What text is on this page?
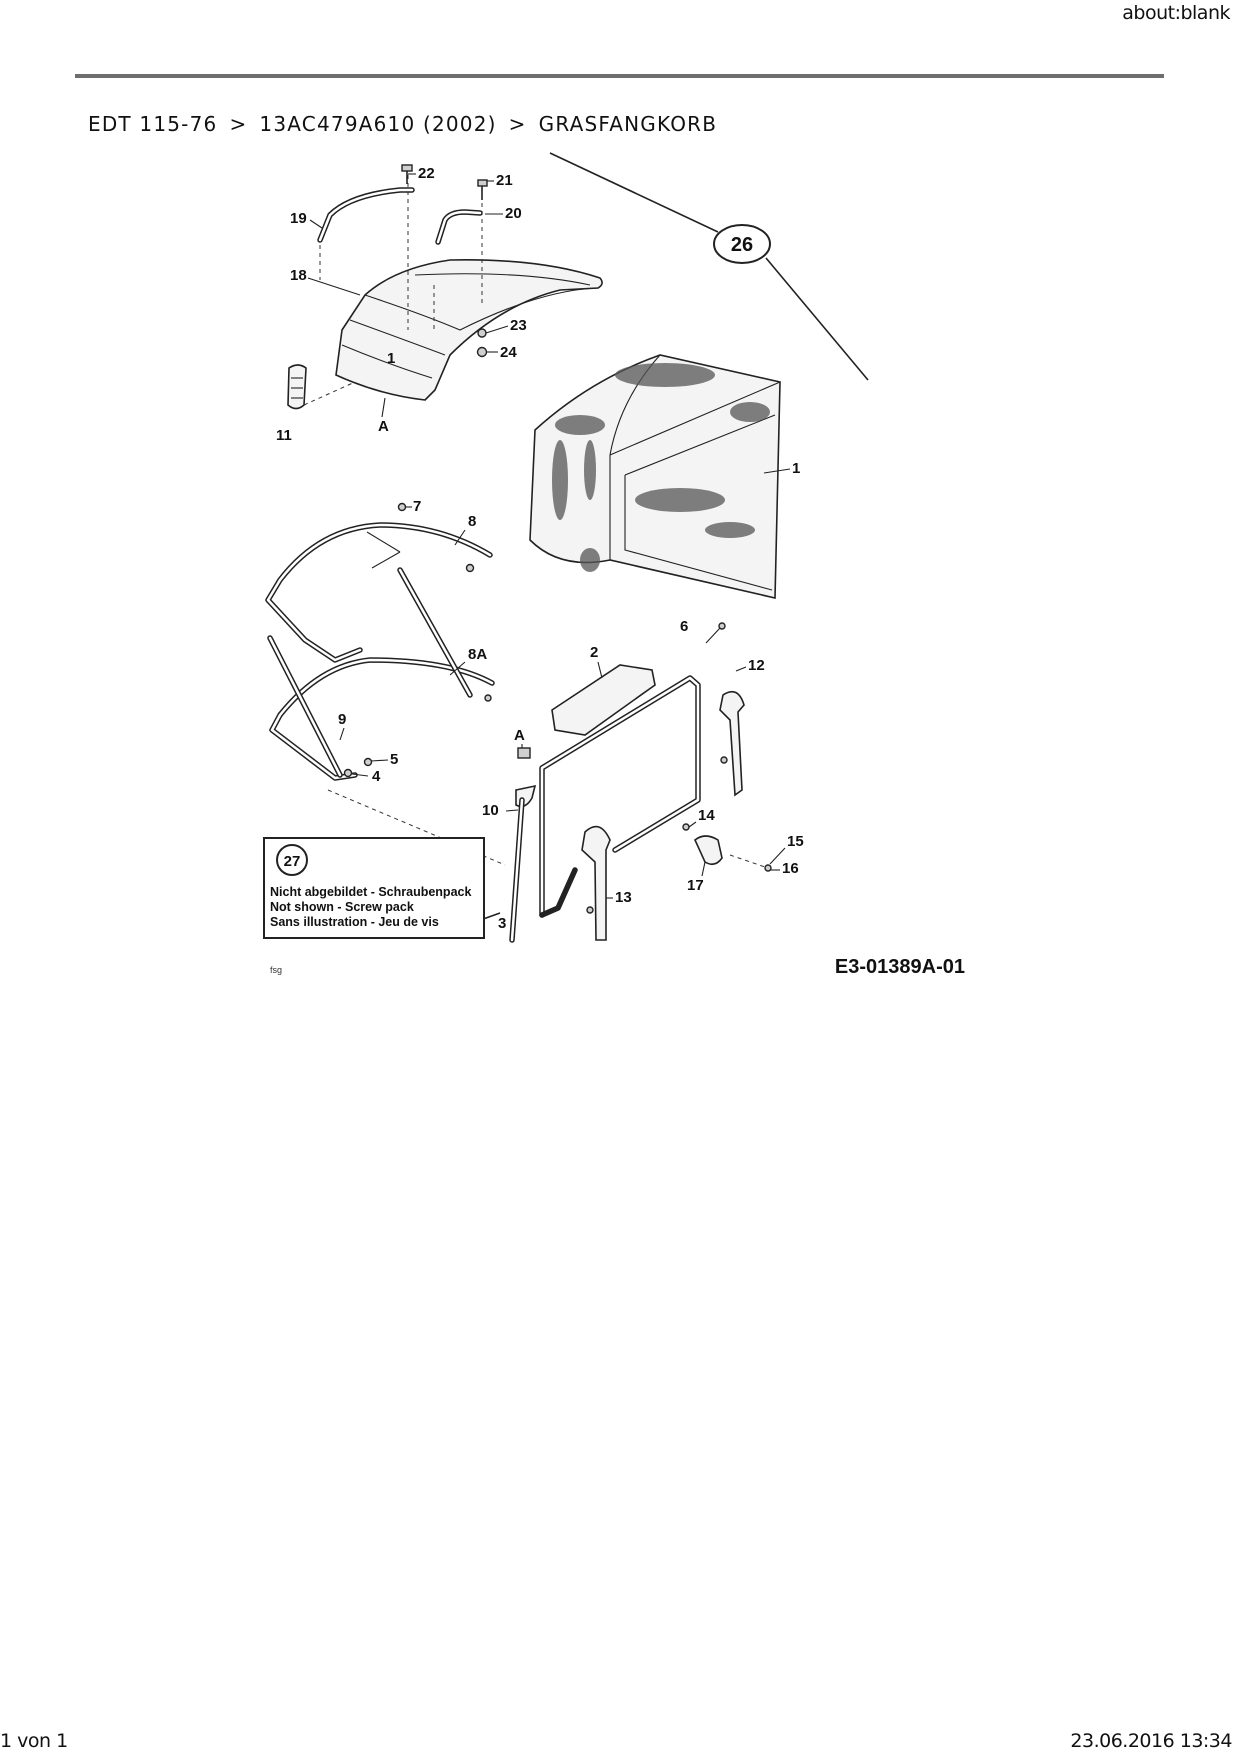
about:blank
EDT 115-76 > 13AC479A610 (2002) > GRASFANGKORB
26
22	21
20
19
18
23
24
1
A
11
1
7
8
8A
9
5
4
6
2
12
A
10	14
15
16
17
13
3
27
Nicht abgebildet - Schraubenpack
Not shown - Screw pack
Sans illustration - Jeu de vis
E3-01389A-01
fsg
1 von 1	23.06.2016 13:34
